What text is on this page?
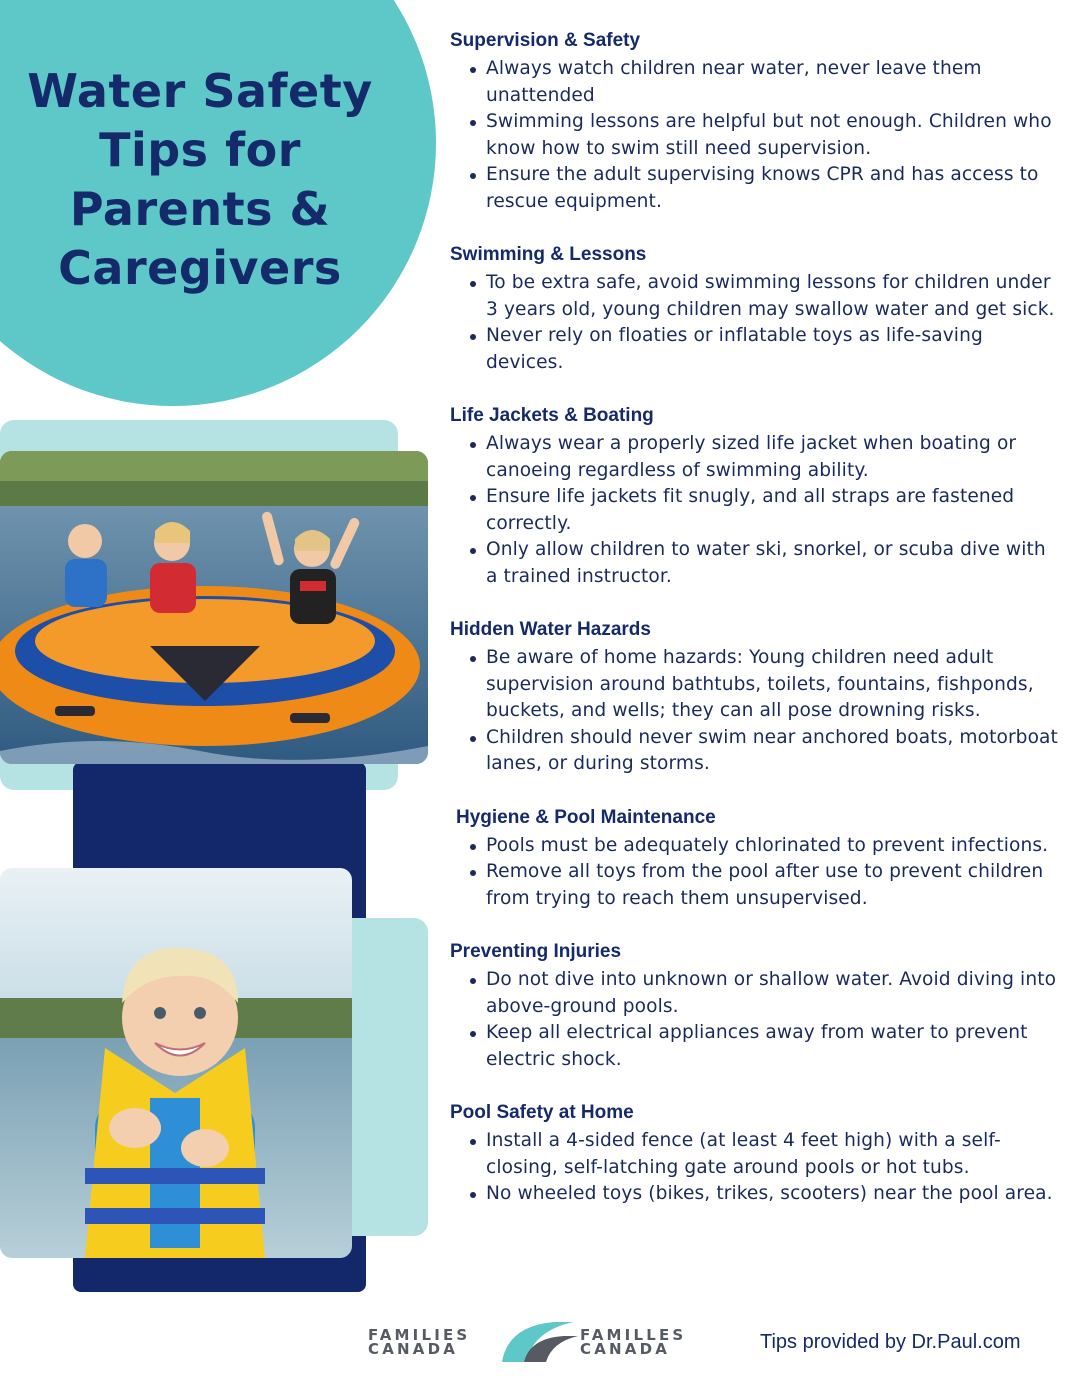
Water Safety
Tips for
Parents &
Caregivers
Supervision & Safety
Always watch children near water, never leave them unattended
Swimming lessons are helpful but not enough. Children who know how to swim still need supervision.
Ensure the adult supervising knows CPR and has access to rescue equipment.
Swimming & Lessons
To be extra safe, avoid swimming lessons for children under 3 years old, young children may swallow water and get sick.
Never rely on floaties or inflatable toys as life-saving devices.
Life Jackets & Boating
Always wear a properly sized life jacket when boating or canoeing regardless of swimming ability.
Ensure life jackets fit snugly, and all straps are fastened correctly.
Only allow children to water ski, snorkel, or scuba dive with a trained instructor.
Hidden Water Hazards
Be aware of home hazards: Young children need adult supervision around bathtubs, toilets, fountains, fishponds, buckets, and wells; they can all pose drowning risks.
Children should never swim near anchored boats, motorboat lanes, or during storms.
Hygiene & Pool Maintenance
Pools must be adequately chlorinated to prevent infections.
Remove all toys from the pool after use to prevent children from trying to reach them unsupervised.
Preventing Injuries
Do not dive into unknown or shallow water. Avoid diving into above-ground pools.
Keep all electrical appliances away from water to prevent electric shock.
Pool Safety at Home
Install a 4-sided fence (at least 4 feet high) with a self-closing, self-latching gate around pools or hot tubs.
No wheeled toys (bikes, trikes, scooters) near the pool area.
FAMILIES
CANADA
FAMILLES
CANADA	Tips provided by Dr.Paul.com
